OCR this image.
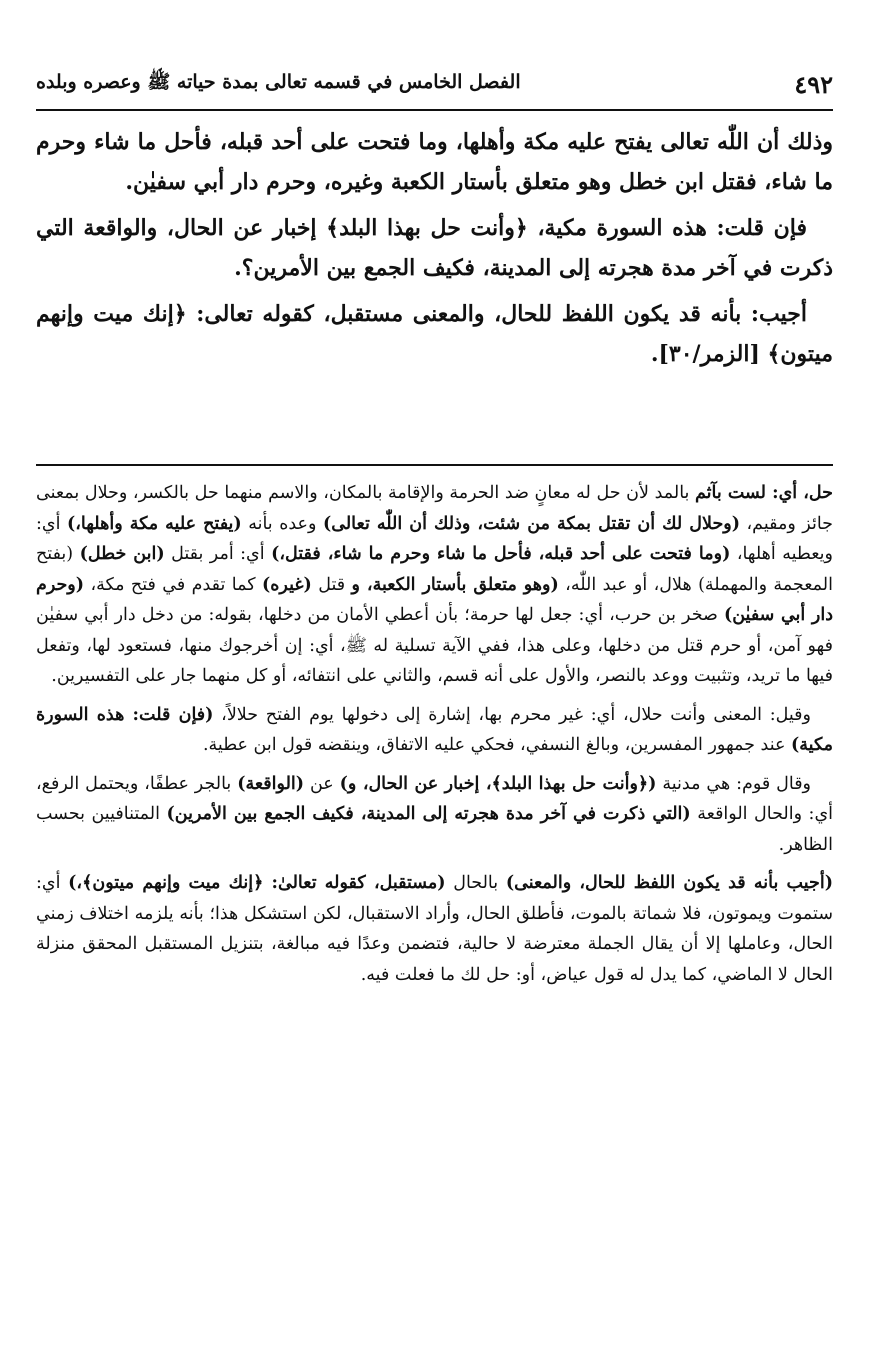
٤٩٢
الفصل الخامس في قسمه تعالى بمدة حياته ﷺ وعصره وبلده

وذلك أن اللّٰه تعالى يفتح عليه مكة وأهلها، وما فتحت على أحد قبله، فأحل ما شاء وحرم ما شاء، فقتل ابن خطل وهو متعلق بأستار الكعبة وغيره، وحرم دار أبي سفيٰن.

فإن قلت: هذه السورة مكية، ﴿وأنت حل بهذا البلد﴾ إخبار عن الحال، والواقعة التي ذكرت في آخر مدة هجرته إلى المدينة، فكيف الجمع بين الأمرين؟.

أجيب: بأنه قد يكون اللفظ للحال، والمعنى مستقبل، كقوله تعالى: ﴿إنك ميت وإنهم ميتون﴾ [الزمر/٣٠].

حل، أي: لست بآثم بالمد لأن حل له معانٍ ضد الحرمة والإقامة بالمكان، والاسم منهما حل بالكسر، وحلال بمعنى جائز ومقيم، (وحلال لك أن تقتل بمكة من شئت، وذلك أن اللّٰه تعالى) وعده بأنه (يفتح عليه مكة وأهلها،) أي: ويعطيه أهلها، (وما فتحت على أحد قبله، فأحل ما شاء وحرم ما شاء، فقتل،) أي: أمر بقتل (ابن خطل) (بفتح المعجمة والمهملة) هلال، أو عبد اللّٰه، (وهو متعلق بأستار الكعبة، و قتل (غيره) كما تقدم في فتح مكة، (وحرم دار أبي سفيٰن) صخر بن حرب، أي: جعل لها حرمة؛ بأن أعطي الأمان من دخلها، بقوله: من دخل دار أبي سفيٰن فهو آمن، أو حرم قتل من دخلها، وعلى هذا، ففي الآية تسلية له ﷺ، أي: إن أخرجوك منها، فستعود لها، وتفعل فيها ما تريد، وتثبيت ووعد بالنصر، والأول على أنه قسم، والثاني على انتفائه، أو كل منهما جار على التفسيرين.

وقيل: المعنى وأنت حلال، أي: غير محرم بها، إشارة إلى دخولها يوم الفتح حلالاً، (فإن قلت: هذه السورة مكية) عند جمهور المفسرين، وبالغ النسفي، فحكي عليه الاتفاق، وينقضه قول ابن عطية.

وقال قوم: هي مدنية (﴿وأنت حل بهذا البلد﴾، إخبار عن الحال، و) عن (الواقعة) بالجر عطفًا، ويحتمل الرفع، أي: والحال الواقعة (التي ذكرت في آخر مدة هجرته إلى المدينة، فكيف الجمع بين الأمرين) المتنافيين بحسب الظاهر.

(أجيب بأنه قد يكون اللفظ للحال، والمعنى) بالحال (مستقبل، كقوله تعالىٰ: ﴿إنك ميت وإنهم ميتون﴾،) أي: ستموت ويموتون، فلا شماتة بالموت، فأطلق الحال، وأراد الاستقبال، لكن استشكل هذا؛ بأنه يلزمه اختلاف زمني الحال، وعاملها إلا أن يقال الجملة معترضة لا حالية، فتضمن وعدًا فيه مبالغة، بتنزيل المستقبل المحقق منزلة الحال لا الماضي، كما يدل له قول عياض، أو: حل لك ما فعلت فيه.
